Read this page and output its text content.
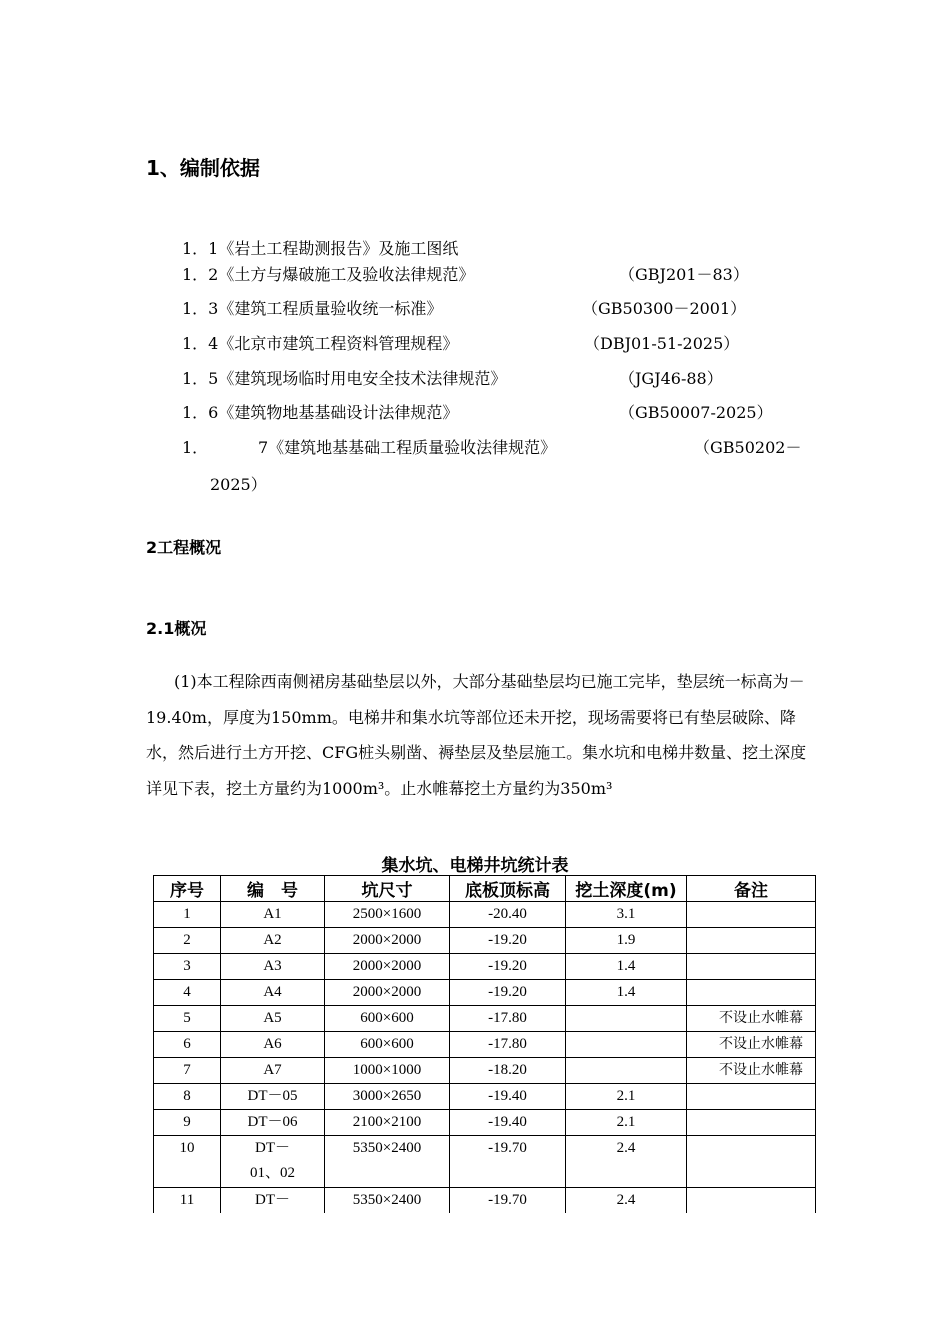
1、编制依据
1．1《岩土工程勘测报告》及施工图纸
1．2《土方与爆破施工及验收法律规范》	（GBJ201－83）
1．3《建筑工程质量验收统一标准》	（GB50300－2001）
1．4《北京市建筑工程资料管理规程》	（DBJ01-51-2025）
1．5《建筑现场临时用电安全技术法律规范》	（JGJ46-88）
1．6《建筑物地基基础设计法律规范》	（GB50007-2025）
1．	7《建筑地基基础工程质量验收法律规范》	（GB50202－
2025）
2工程概况
2.1概况
(1)本工程除西南侧裙房基础垫层以外，大部分基础垫层均已施工完毕，垫层统一标高为－19.40m，厚度为150mm。电梯井和集水坑等部位还未开挖，现场需要将已有垫层破除、降水，然后进行土方开挖、CFG桩头剔凿、褥垫层及垫层施工。集水坑和电梯井数量、挖土深度详见下表，挖土方量约为1000m³。止水帷幕挖土方量约为350m³
集水坑、电梯井坑统计表
序号	编　号	坑尺寸	底板顶标高	挖土深度(m)	备注
1	A1	2500×1600	-20.40	3.1	
2	A2	2000×2000	-19.20	1.9	
3	A3	2000×2000	-19.20	1.4	
4	A4	2000×2000	-19.20	1.4	
5	A5	600×600	-17.80		不设止水帷幕
6	A6	600×600	-17.80		不设止水帷幕
7	A7	1000×1000	-18.20		不设止水帷幕
8	DT－05	3000×2650	-19.40	2.1	
9	DT－06	2100×2100	-19.40	2.1	
10	DT－
01、02	5350×2400	-19.70	2.4	
11	DT－	5350×2400	-19.70	2.4	
